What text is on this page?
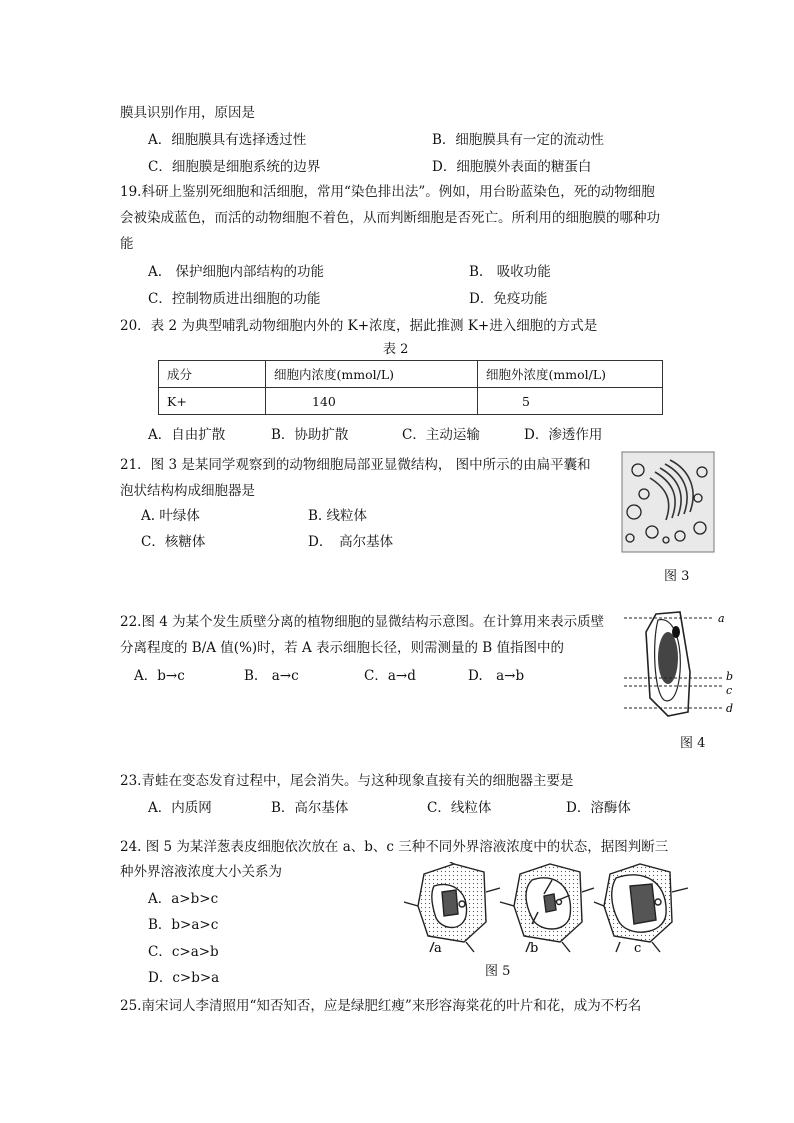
膜具识别作用，原因是
A．细胞膜具有选择透过性	B．细胞膜具有一定的流动性
C．细胞膜是细胞系统的边界	D．细胞膜外表面的糖蛋白
19.科研上鉴别死细胞和活细胞，常用“染色排出法”。例如，用台盼蓝染色，死的动物细胞
会被染成蓝色，而活的动物细胞不着色，从而判断细胞是否死亡。所利用的细胞膜的哪种功
能
A.　保护细胞内部结构的功能	B.　吸收功能
C．控制物质进出细胞的功能	D．免疫功能
20．表 2 为典型哺乳动物细胞内外的 K+浓度，据此推测 K+进入细胞的方式是
表 2
成分	细胞内浓度(mmol/L)	细胞外浓度(mmol/L)
K+	140	5
A．自由扩散	B．协助扩散	C．主动运输	D．渗透作用
21．图 3 是某同学观察到的动物细胞局部亚显微结构， 图中所示的由扁平囊和
泡状结构构成细胞器是
A. 叶绿体	B. 线粒体
C．核糖体	D．　高尔基体
图 3
22.图 4 为某个发生质壁分离的植物细胞的显微结构示意图。在计算用来表示质壁
分离程度的 B/A 值(%)时，若 A 表示细胞长径，则需测量的 B 值指图中的
A．b→c	B.　a→c	C．a→d	D.　a→b
a
b
c
d
图 4
23.青蛙在变态发育过程中，尾会消失。与这种现象直接有关的细胞器主要是
A．内质网	B．高尔基体	C．线粒体	D．溶酶体
24. 图 5 为某洋葱表皮细胞依次放在 a、b、c 三种不同外界溶液浓度中的状态，据图判断三
种外界溶液浓度大小关系为
A．a>b>c
B．b>a>c
C．c>a>b
D．c>b>a
a	b	c
图 5
25.南宋词人李清照用“知否知否，应是绿肥红瘦”来形容海棠花的叶片和花，成为不朽名
